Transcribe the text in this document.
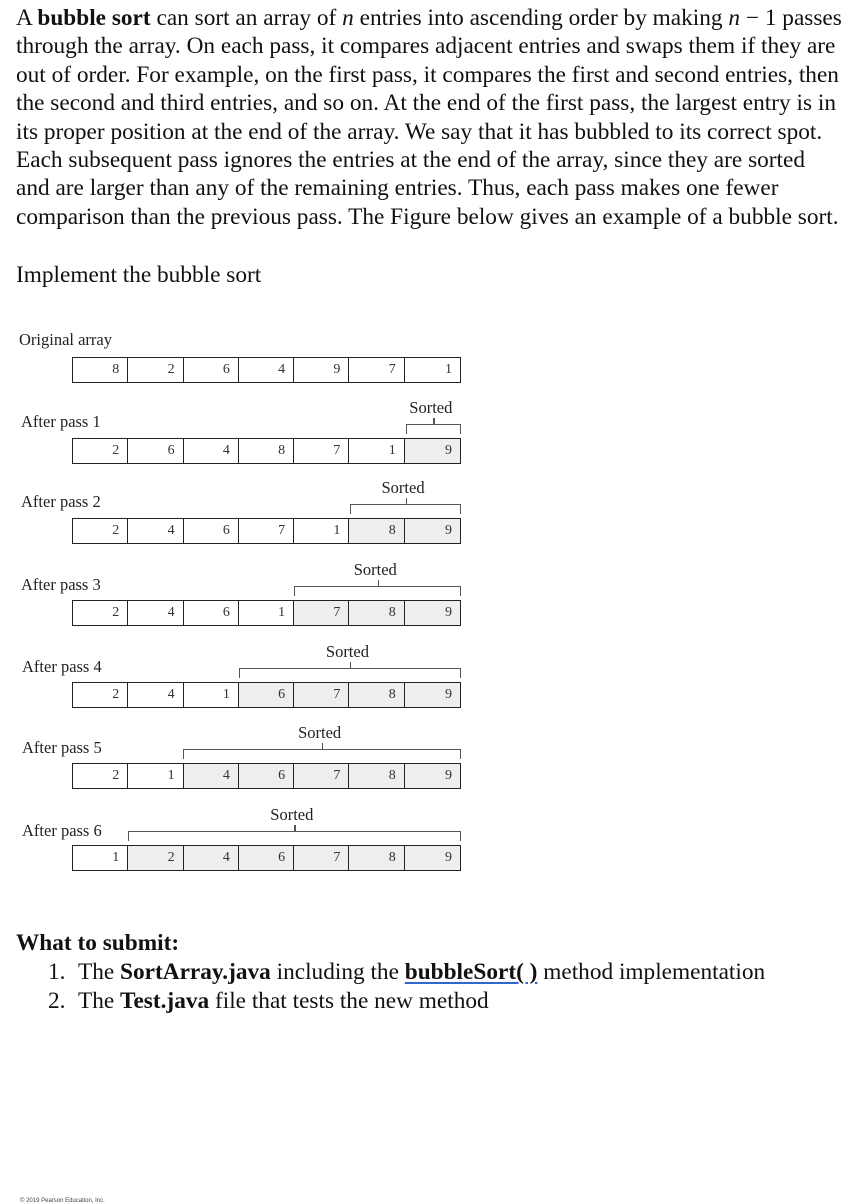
A bubble sort can sort an array of n entries into ascending order by making n − 1 passes through the array. On each pass, it compares adjacent entries and swaps them if they are out of order. For example, on the first pass, it compares the first and second entries, then the second and third entries, and so on. At the end of the first pass, the largest entry is in its proper position at the end of the array. We say that it has bubbled to its correct spot. Each subsequent pass ignores the entries at the end of the array, since they are sorted and are larger than any of the remaining entries. Thus, each pass makes one fewer comparison than the previous pass. The Figure below gives an example of a bubble sort.

Implement the bubble sort

© 2019 Pearson Education, Inc.
Original array
8	2	6	4	9	7	1
After pass 1
2	6	4	8	7	1	9
Sorted
After pass 2
2	4	6	7	1	8	9
Sorted
After pass 3
2	4	6	1	7	8	9
Sorted
After pass 4
2	4	1	6	7	8	9
Sorted
After pass 5
2	1	4	6	7	8	9
Sorted
After pass 6
1	2	4	6	7	8	9
Sorted

What to submit:

1. The SortArray.java including the bubbleSort( ) method implementation
2. The Test.java file that tests the new method
